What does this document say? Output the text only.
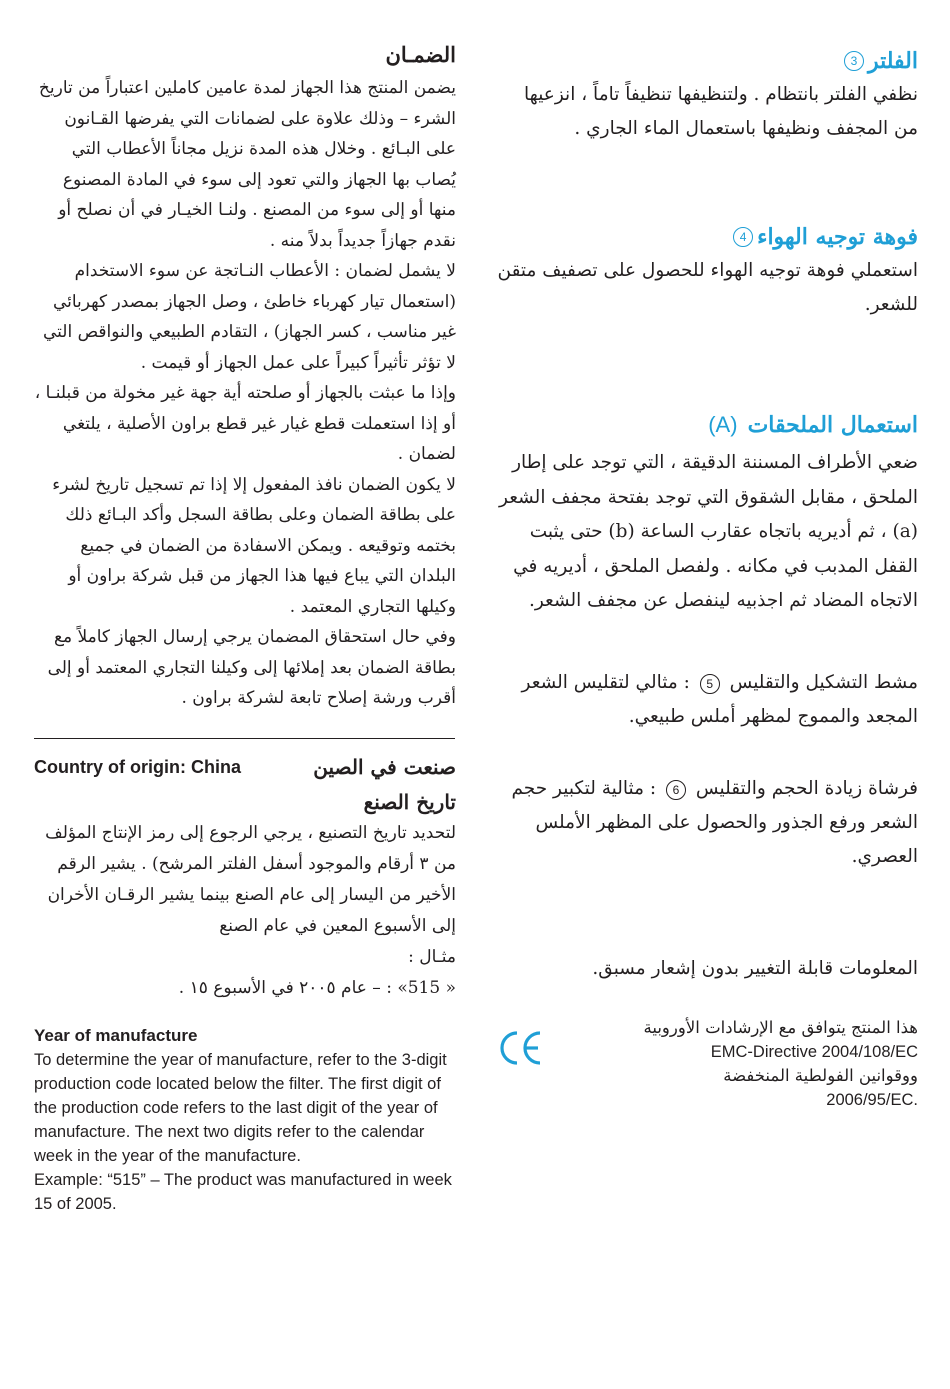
الضمـان

يضمن المنتج هذا الجهاز لمدة عامين كاملين اعتباراً من تاريخ الشرء – وذلك علاوة على لضمانات التي يفرضها القـانون على البـائع . وخلال هذه المدة نزيل مجاناً الأعطاب التي يُصاب بها الجهاز والتي تعود إلى سوء في المادة المصنوع منها أو إلى سوء من المصنع . ولنـا الخيـار في أن نصلح أو نقدم جهازاً جديداً بدلاً منه .

لا يشمل لضمان : الأعطاب النـاتجة عن سوء الاستخدام (استعمال تيار كهرباء خاطئ ، وصل الجهاز بمصدر كهربائي غير مناسب ، كسر الجهاز) ، التقادم الطبيعي والنواقص التي لا تؤثر تأثيراً كبيراً على عمل الجهاز أو قيمت .

وإذا ما عبثت بالجهاز أو صلحته أية جهة غير مخولة من قبلنـا ، أو إذا استعملت قطع غيار غير قطع براون الأصلية ، يلتغي لضمان .

لا يكون الضمان نافذ المفعول إلا إذا تم تسجيل تاريخ لشرء على بطاقة الضمان وعلى بطاقة السجل وأكد البـائع ذلك بختمه وتوقيعه . ويمكن الاسفادة من الضمان في جميع البلدان التي يباع فيها هذا الجهاز من قبل شركة براون أو وكيلها التجاري المعتمد .

وفي حال استحقاق المضمان يرجي إرسال الجهاز كاملاً مع بطاقة الضمان بعد إملائها إلى وكيلنا التجاري المعتمد أو إلى أقرب ورشة إصلاح تابعة لشركة براون .

Country of origin: China	صنعت في الصين
تاريخ الصنع

لتحديد تاريخ التصنيع ، يرجي الرجوع إلى رمز الإنتاج المؤلف من ٣ أرقام والموجود أسفل الفلتر المرشح) . يشير الرقم الأخير من اليسار إلى عام الصنع بينما يشير الرقـان الأخران إلى الأسبوع المعين في عام الصنع

مثـال :

« 515» : – عام ٢٠٠٥ في الأسبوع ١٥ .

Year of manufacture

To determine the year of manufacture, refer to the 3-digit production code located below the filter. The first digit of the production code refers to the last digit of the year of manufacture. The next two digits refer to the calendar week in the year of the manufacture.

Example: “515” – The product was manufactured in week 15 of 2005.

الفلتر
3

نظفي الفلتر بانتظام . ولتنظيفها تنظيفاً تاماً ، انزعيها من المجفف ونظيفها باستعمال الماء الجاري .

فوهة توجيه الهواء
4

استعملي فوهة توجيه الهواء للحصول على تصفيف متقن للشعر.

استعمال الملحقات
(A)

ضعي الأطراف المسننة الدقيقة ، التي توجد على إطار الملحق ، مقابل الشقوق التي توجد بفتحة مجفف الشعر (a) ، ثم أديريه باتجاه عقارب الساعة (b) حتى يثبت القفل المدبب في مكانه . ولفصل الملحق ، أديريه في الاتجاه المضاد ثم اجذبيه لينفصل عن مجفف الشعر.

مشط التشكيل والتقليس 5 : مثالي لتقليس الشعر المجعد والمموج لمظهر أملس طبيعي.

فرشاة زيادة الحجم والتقليس 6 : مثالية لتكبير حجم الشعر ورفع الجذور والحصول على المظهر الأملس العصري.

المعلومات قابلة التغيير بدون إشعار مسبق.

هذا المنتج يتوافق مع الإرشادات الأوروبية

EMC-Directive 2004/108/EC

ووقوانين الفولطية المنخفضة

2006/95/EC.
